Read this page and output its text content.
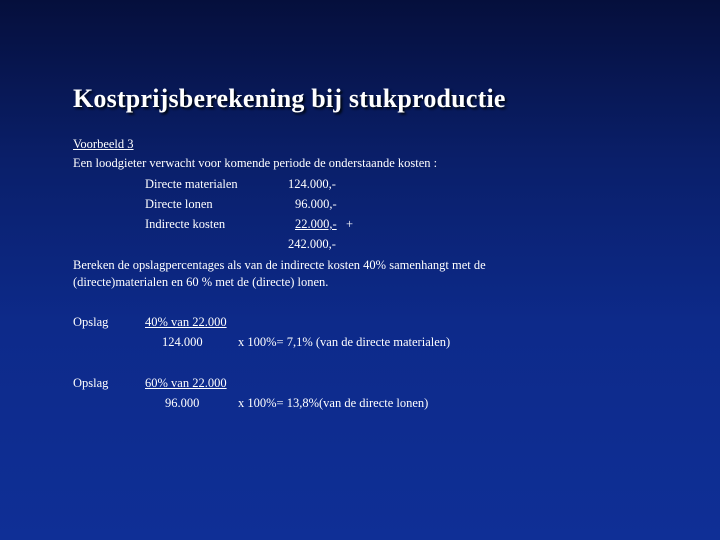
Kostprijsberekening bij stukproductie
Voorbeeld 3
Een loodgieter verwacht voor komende periode de onderstaande kosten :
Directe materialen	124.000,-
Directe lonen	96.000,-
Indirecte kosten	22.000,- +
242.000,-
Bereken de opslagpercentages als van de indirecte kosten 40% samenhangt met de
(directe)materialen en 60 % met de (directe) lonen.
Opslag	40% van 22.000
124.000	x 100%= 7,1% (van de directe materialen)
Opslag	60% van 22.000
96.000	x 100%= 13,8%(van de directe lonen)
